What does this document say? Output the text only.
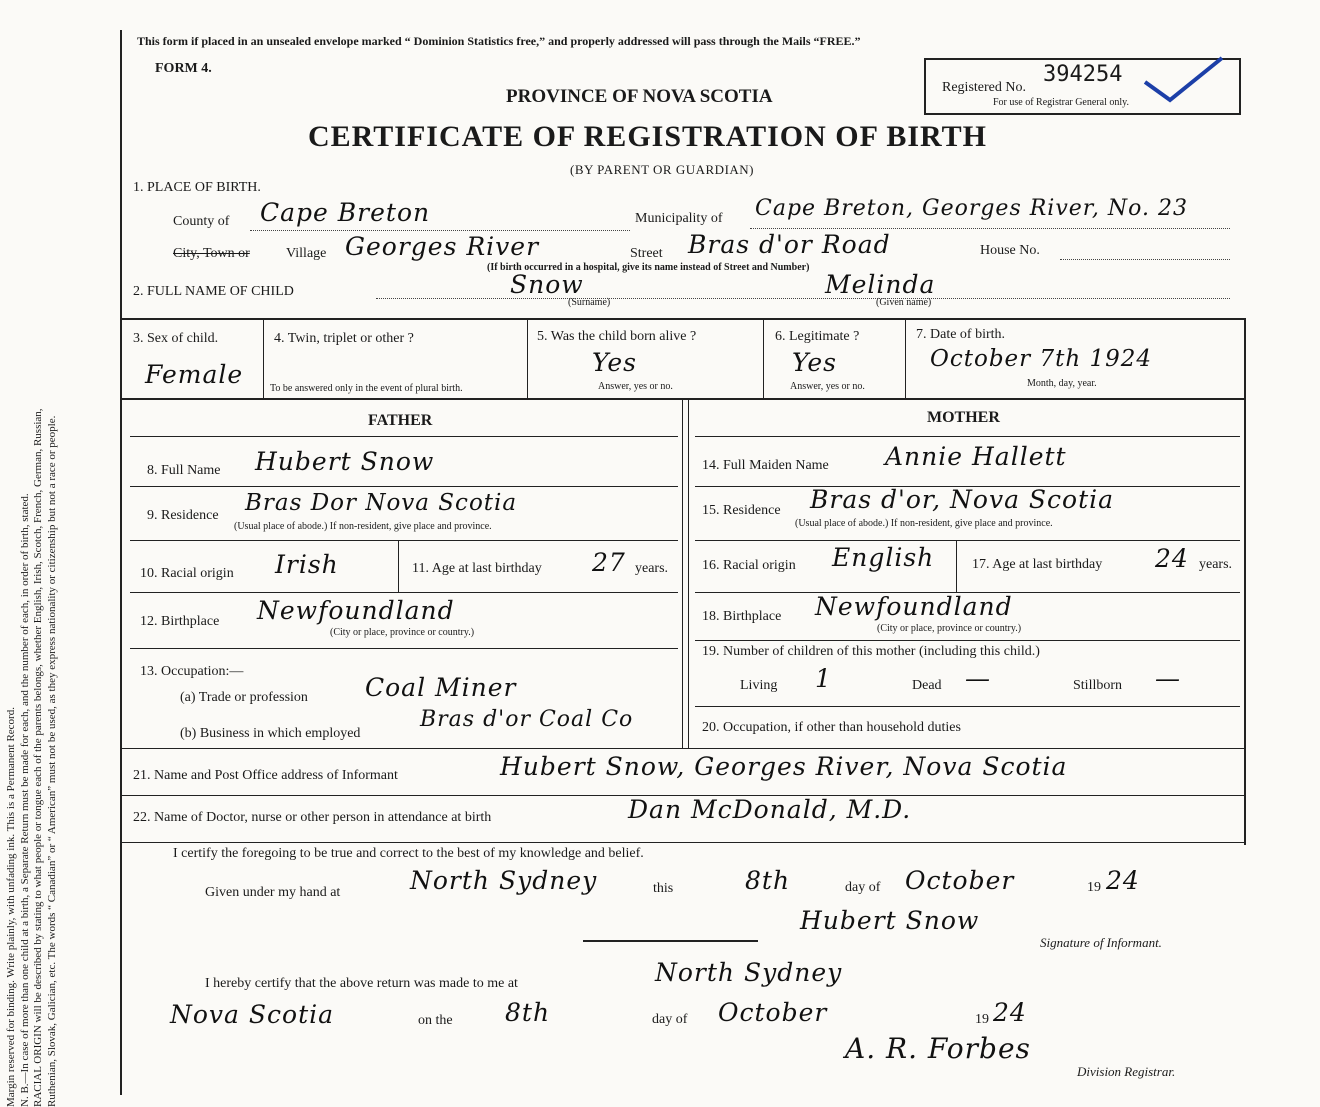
Margin reserved for binding. Write plainly, with unfading ink. This is a Permanent Record. N. B.—In case of more than one child at a birth, a Separate Return must be made for each, and the number of each, in order of birth, stated. RACIAL ORIGIN will be described by stating to what people or tongue each of the parents belongs, whether English, Irish, Scotch, French, German, Russian, Ruthenian, Slovak, Galician, etc. The words “ Canadian” or “ American” must not be used, as they express nationality or citizenship but not a race or people.
This form if placed in an unsealed envelope marked “ Dominion Statistics free,” and properly addressed will pass through the Mails “FREE.”
FORM 4.
PROVINCE OF NOVA SCOTIA
CERTIFICATE OF REGISTRATION OF BIRTH
(BY PARENT OR GUARDIAN)
Registered No.
394254
For use of Registrar General only.
1. PLACE OF BIRTH.
County of Cape Breton	Municipality of Cape Breton, Georges River, No. 23
City, Town or	Village Georges River	Street Bras d'or Road	House No.
(If birth occurred in a hospital, give its name instead of Street and Number)
2. FULL NAME OF CHILD	Snow
(Surname)
Melinda
(Given name)
3. Sex of child.
Female
4. Twin, triplet or other ?
To be answered only in the event of plural birth.
5. Was the child born alive ?
Yes
Answer, yes or no.
6. Legitimate ?
Yes
Answer, yes or no.
7. Date of birth.
October 7th 1924
Month, day, year.
FATHER	MOTHER
8. Full Name Hubert Snow
9. Residence Bras Dor Nova Scotia
(Usual place of abode.) If non-resident, give place and province.
10. Racial origin Irish	11. Age at last birthday 27 years.
12. Birthplace Newfoundland
(City or place, province or country.)
13. Occupation:—
(a) Trade or profession Coal Miner
(b) Business in which employed
Bras d'or Coal Co
14. Full Maiden Name Annie Hallett
15. Residence Bras d'or, Nova Scotia
(Usual place of abode.) If non-resident, give place and province.
16. Racial origin English	17. Age at last birthday 24 years.
18. Birthplace Newfoundland
(City or place, province or country.)
19. Number of children of this mother (including this child.)
Living 1	Dead —	Stillborn —
20. Occupation, if other than household duties
21. Name and Post Office address of Informant	Hubert Snow, Georges River, Nova Scotia
22. Name of Doctor, nurse or other person in attendance at birth	Dan McDonald, M.D.
I certify the foregoing to be true and correct to the best of my knowledge and belief.
Given under my hand at	North Sydney	this	8th	day of October	19 24
Hubert Snow
Signature of Informant.
I hereby certify that the above return was made to me at	North Sydney
Nova Scotia	on the 8th	day of October	19 24
A. R. Forbes
Division Registrar.
